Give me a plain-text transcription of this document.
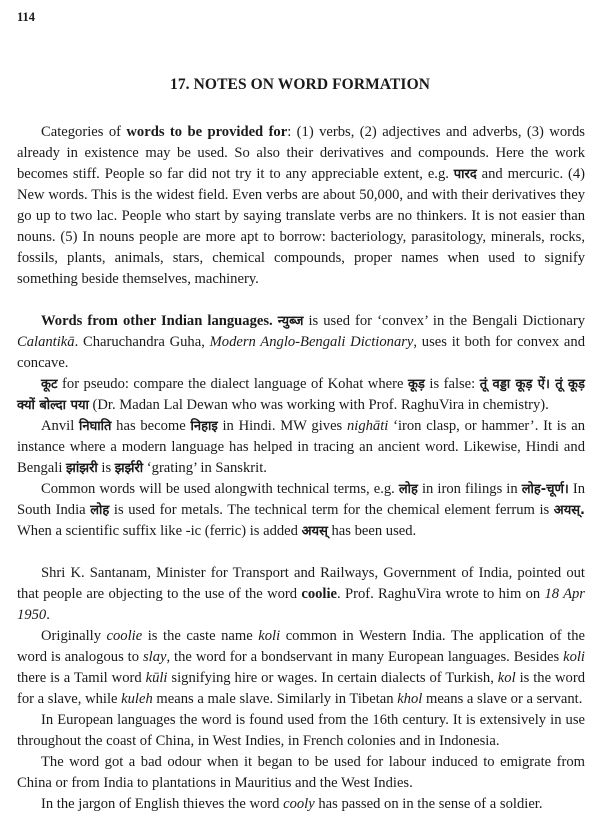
114
17. NOTES ON WORD FORMATION

Categories of words to be provided for: (1) verbs, (2) adjectives and adverbs, (3) words already in existence may be used. So also their derivatives and compounds. Here the work becomes stiff. People so far did not try it to any appreciable extent, e.g. पारद and mercuric. (4) New words. This is the widest field. Even verbs are about 50,000, and with their derivatives they go up to two lac. People who start by saying translate verbs are no thinkers. It is not easier than nouns. (5) In nouns people are more apt to borrow: bacteriology, parasitology, minerals, rocks, fossils, plants, animals, stars, chemical compounds, proper names when used to signify something beside themselves, machinery.

Words from other Indian languages. न्युब्ज is used for ‘convex’ in the Bengali Dictionary Calantikā. Charuchandra Guha, Modern Anglo-Bengali Dictionary, uses it both for convex and concave.

कूट for pseudo: compare the dialect language of Kohat where कूड़ is false: तूं वड्डा कूड़ ऐं। तूं कूड़ क्यों बोल्दा पया (Dr. Madan Lal Dewan who was working with Prof. RaghuVira in chemistry).

Anvil निघाति has become निहाइ in Hindi. MW gives nighāti ‘iron clasp, or hammer’. It is an instance where a modern language has helped in tracing an ancient word. Likewise, Hindi and Bengali झांझरी is झर्झरी ‘grating’ in Sanskrit.

Common words will be used alongwith technical terms, e.g. लोह in iron filings in लोह-चूर्ण। In South India लोह is used for metals. The technical term for the chemical element ferrum is अयस्. When a scientific suffix like -ic (ferric) is added अयस् has been used.

Shri K. Santanam, Minister for Transport and Railways, Government of India, pointed out that people are objecting to the use of the word coolie. Prof. RaghuVira wrote to him on 18 Apr 1950.

Originally coolie is the caste name koli common in Western India. The application of the word is analogous to slay, the word for a bondservant in many European languages. Besides koli there is a Tamil word kūli signifying hire or wages. In certain dialects of Turkish, kol is the word for a slave, while kuleh means a male slave. Similarly in Tibetan khol means a slave or a servant.

In European languages the word is found used from the 16th century. It is extensively in use throughout the coast of China, in West Indies, in French colonies and in Indonesia.

The word got a bad odour when it began to be used for labour induced to emigrate from China or from India to plantations in Mauritius and the West Indies.

In the jargon of English thieves the word cooly has passed on in the sense of a soldier.
